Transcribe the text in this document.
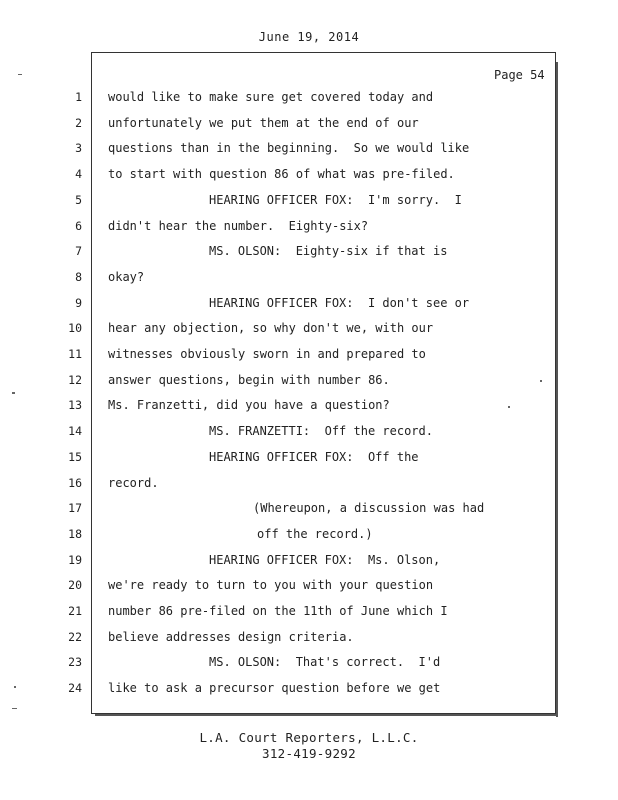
June 19, 2014
Page 54
1 would like to make sure get covered today and
2 unfortunately we put them at the end of our
3 questions than in the beginning.  So we would like
4 to start with question 86 of what was pre-filed.
5	HEARING OFFICER FOX:  I'm sorry.  I
6 didn't hear the number.  Eighty-six?
7	MS. OLSON:  Eighty-six if that is
8 okay?
9	HEARING OFFICER FOX:  I don't see or
10 hear any objection, so why don't we, with our
11 witnesses obviously sworn in and prepared to
12 answer questions, begin with number 86.
13 Ms. Franzetti, did you have a question?
14	MS. FRANZETTI:  Off the record.
15	HEARING OFFICER FOX:  Off the
16 record.
17	(Whereupon, a discussion was had
18	off the record.)
19	HEARING OFFICER FOX:  Ms. Olson,
20 we're ready to turn to you with your question
21 number 86 pre-filed on the 11th of June which I
22 believe addresses design criteria.
23	MS. OLSON:  That's correct.  I'd
24 like to ask a precursor question before we get
L.A. Court Reporters, L.L.C.
312-419-9292
